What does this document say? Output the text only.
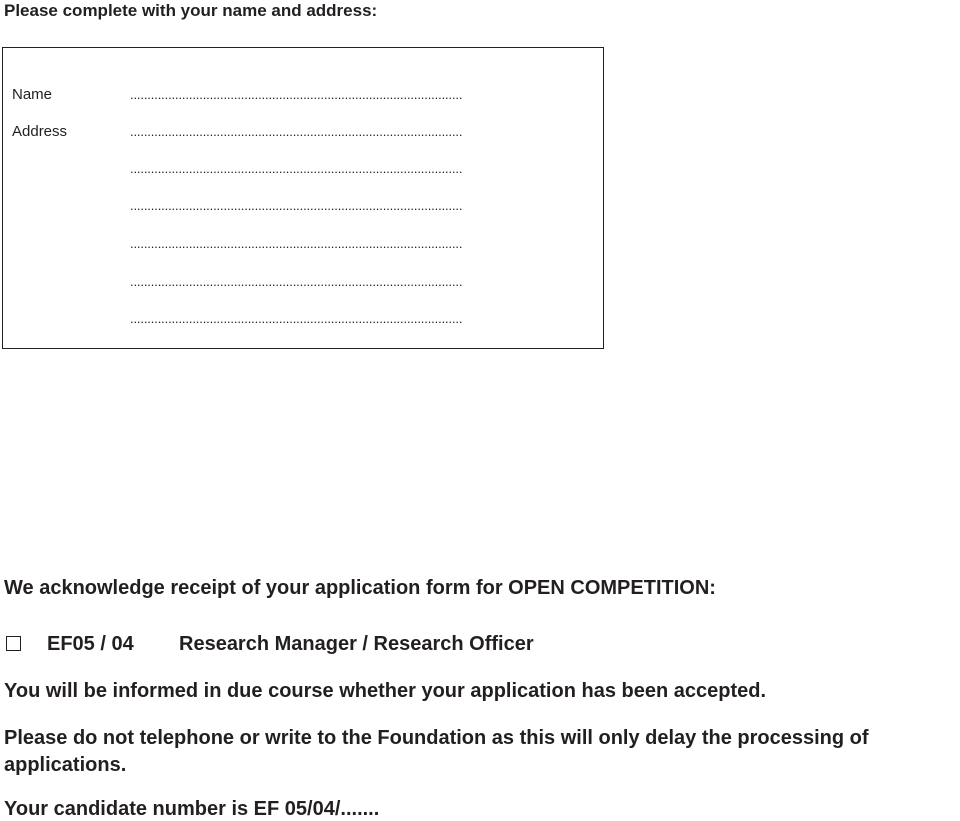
Please complete with your name and address:
Name	................................................................................................
Address	................................................................................................
................................................................................................
................................................................................................
................................................................................................
................................................................................................
................................................................................................
We acknowledge receipt of your application form for OPEN COMPETITION:
EF05 / 04 Research Manager / Research Officer
You will be informed in due course whether your application has been accepted.
Please do not telephone or write to the Foundation as this will only delay the processing of applications.
Your candidate number is EF 05/04/.......
